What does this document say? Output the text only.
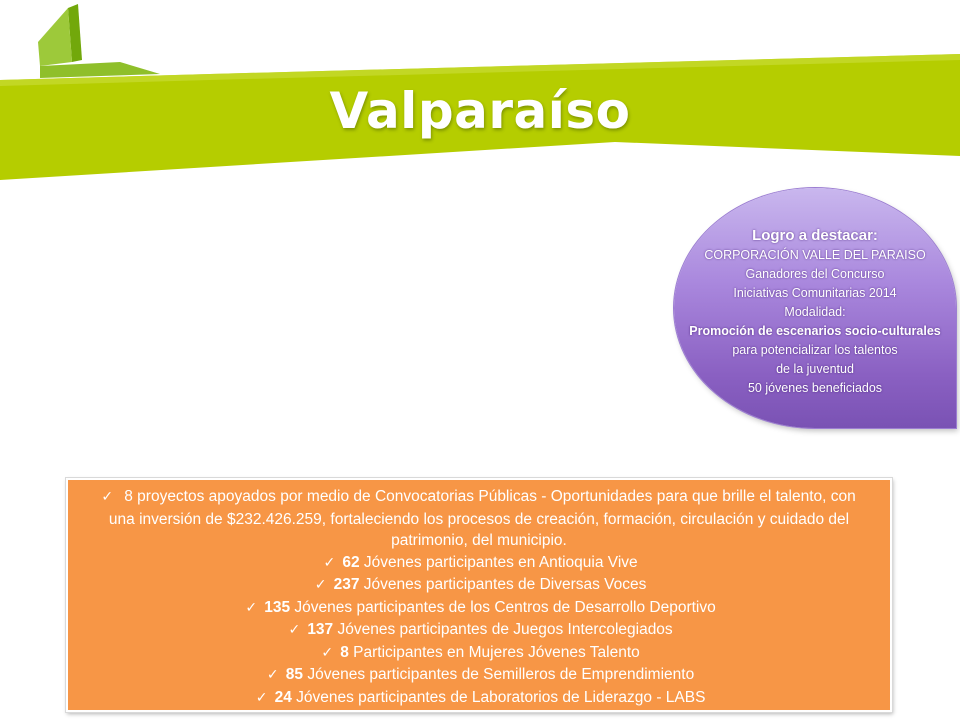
Valparaíso
Logro a destacar:
CORPORACIÓN VALLE DEL PARAISO
Ganadores del Concurso
Iniciativas Comunitarias 2014
Modalidad:
Promoción de escenarios socio-culturales
para potencializar los talentos
de la juventud
50 jóvenes beneficiados
✓ 8 proyectos apoyados por medio de Convocatorias Públicas - Oportunidades para que brille el talento, con una inversión de $232.426.259, fortaleciendo los procesos de creación, formación, circulación y cuidado del patrimonio, del municipio.
✓ 62 Jóvenes participantes en Antioquia Vive
✓ 237 Jóvenes participantes de Diversas Voces
✓ 135 Jóvenes participantes de los Centros de Desarrollo Deportivo
✓ 137 Jóvenes participantes de Juegos Intercolegiados
✓ 8 Participantes en Mujeres Jóvenes Talento
✓ 85 Jóvenes participantes de Semilleros de Emprendimiento
✓ 24 Jóvenes participantes de Laboratorios de Liderazgo - LABS
